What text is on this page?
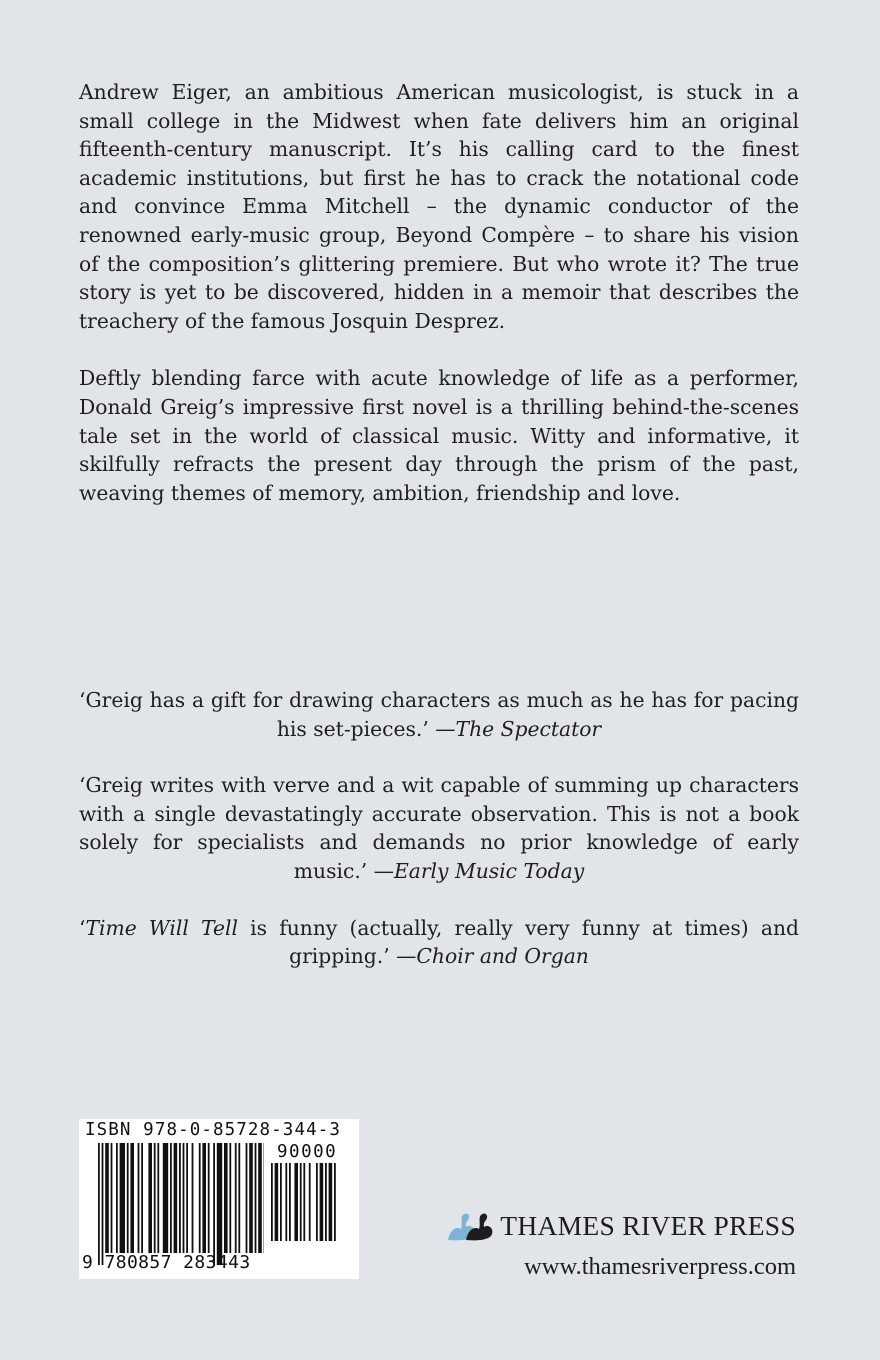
Andrew Eiger, an ambitious American musicologist, is stuck in a small college in the Midwest when fate delivers him an original fifteenth-century manuscript. It’s his calling card to the finest academic institutions, but first he has to crack the notational code and convince Emma Mitchell – the dynamic conductor of the renowned early-music group, Beyond Compère – to share his vision of the composition’s glittering premiere. But who wrote it? The true story is yet to be discovered, hidden in a memoir that describes the treachery of the famous Josquin Desprez.

Deftly blending farce with acute knowledge of life as a performer, Donald Greig’s impressive first novel is a thrilling behind-the-scenes tale set in the world of classical music. Witty and informative, it skilfully refracts the present day through the prism of the past, weaving themes of memory, ambition, friendship and love.

‘Greig has a gift for drawing characters as much as he has for pacing his set-pieces.’ —The Spectator

‘Greig writes with verve and a wit capable of summing up characters with a single devastatingly accurate observation. This is not a book solely for specialists and demands no prior knowledge of early music.’ —Early Music Today

‘Time Will Tell is funny (actually, really very funny at times) and gripping.’ —Choir and Organ

ISBN 978-0-85728-344-3
90000
9 780857 283443
THAMES RIVER PRESS
www.thamesriverpress.com
